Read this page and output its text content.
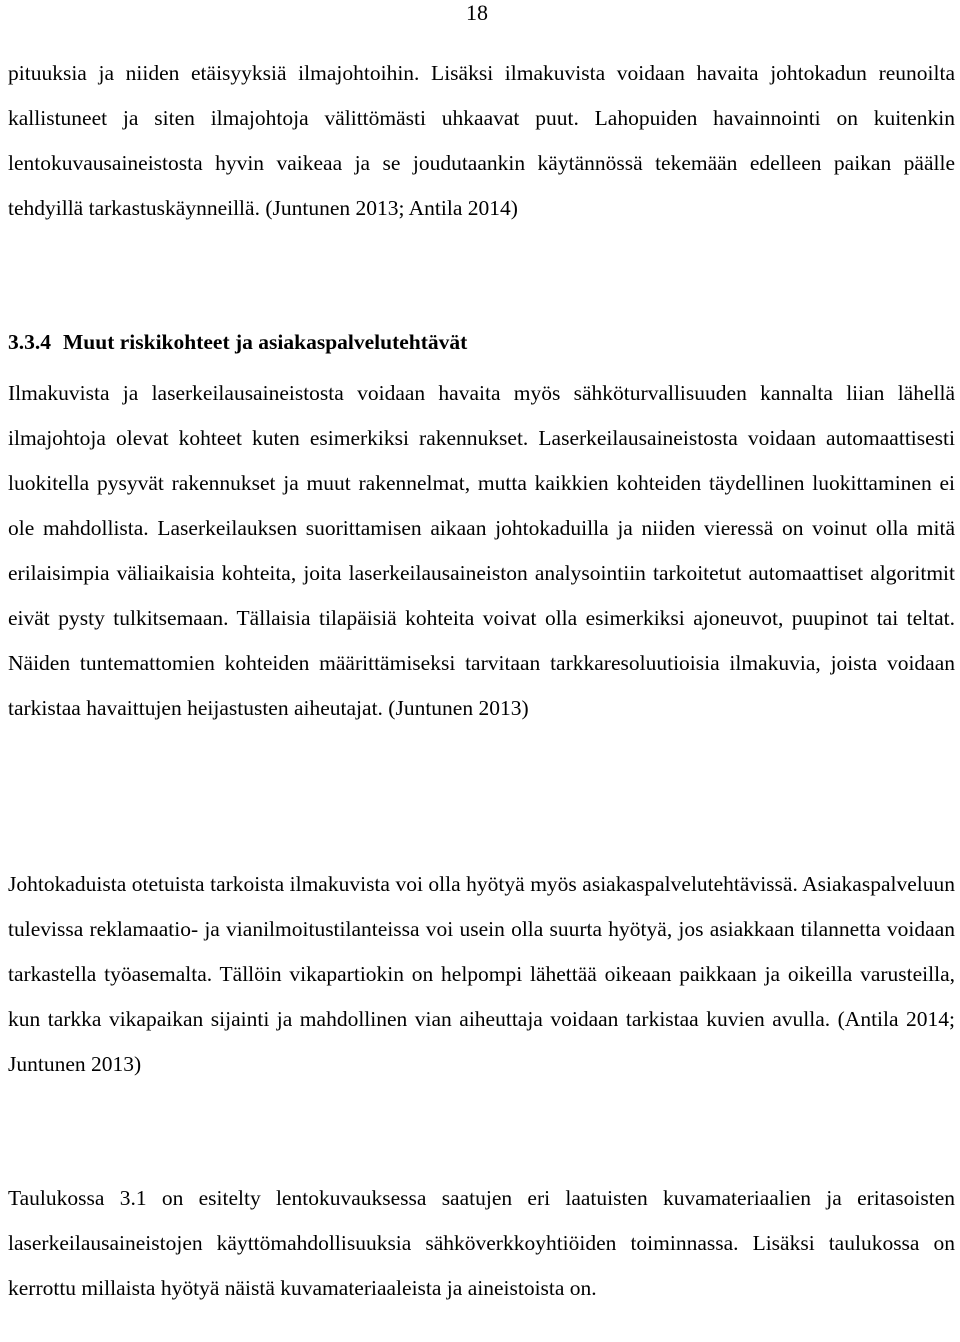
18

pituuksia ja niiden etäisyyksiä ilmajohtoihin. Lisäksi ilmakuvista voidaan havaita johtokadun reunoilta kallistuneet ja siten ilmajohtoja välittömästi uhkaavat puut. Lahopuiden havainnointi on kuitenkin lentokuvausaineistosta hyvin vaikeaa ja se joudutaankin käytännössä tekemään edelleen paikan päälle tehdyillä tarkastuskäynneillä. (Juntunen 2013; Antila 2014)

3.3.4 Muut riskikohteet ja asiakaspalvelutehtävät

Ilmakuvista ja laserkeilausaineistosta voidaan havaita myös sähköturvallisuuden kannalta liian lähellä ilmajohtoja olevat kohteet kuten esimerkiksi rakennukset. Laserkeilausaineistosta voidaan automaattisesti luokitella pysyvät rakennukset ja muut rakennelmat, mutta kaikkien kohteiden täydellinen luokittaminen ei ole mahdollista. Laserkeilauksen suorittamisen aikaan johtokaduilla ja niiden vieressä on voinut olla mitä erilaisimpia väliaikaisia kohteita, joita laserkeilausaineiston analysointiin tarkoitetut automaattiset algoritmit eivät pysty tulkitsemaan. Tällaisia tilapäisiä kohteita voivat olla esimerkiksi ajoneuvot, puupinot tai teltat. Näiden tuntemattomien kohteiden määrittämiseksi tarvitaan tarkkaresoluutioisia ilmakuvia, joista voidaan tarkistaa havaittujen heijastusten aiheutajat. (Juntunen 2013)

Johtokaduista otetuista tarkoista ilmakuvista voi olla hyötyä myös asiakaspalvelutehtävissä. Asiakaspalveluun tulevissa reklamaatio- ja vianilmoitustilanteissa voi usein olla suurta hyötyä, jos asiakkaan tilannetta voidaan tarkastella työasemalta. Tällöin vikapartiokin on helpompi lähettää oikeaan paikkaan ja oikeilla varusteilla, kun tarkka vikapaikan sijainti ja mahdollinen vian aiheuttaja voidaan tarkistaa kuvien avulla. (Antila 2014; Juntunen 2013)

Taulukossa 3.1 on esitelty lentokuvauksessa saatujen eri laatuisten kuvamateriaalien ja eritasoisten laserkeilausaineistojen käyttömahdollisuuksia sähköverkkoyhtiöiden toiminnassa. Lisäksi taulukossa on kerrottu millaista hyötyä näistä kuvamateriaaleista ja aineistoista on.
